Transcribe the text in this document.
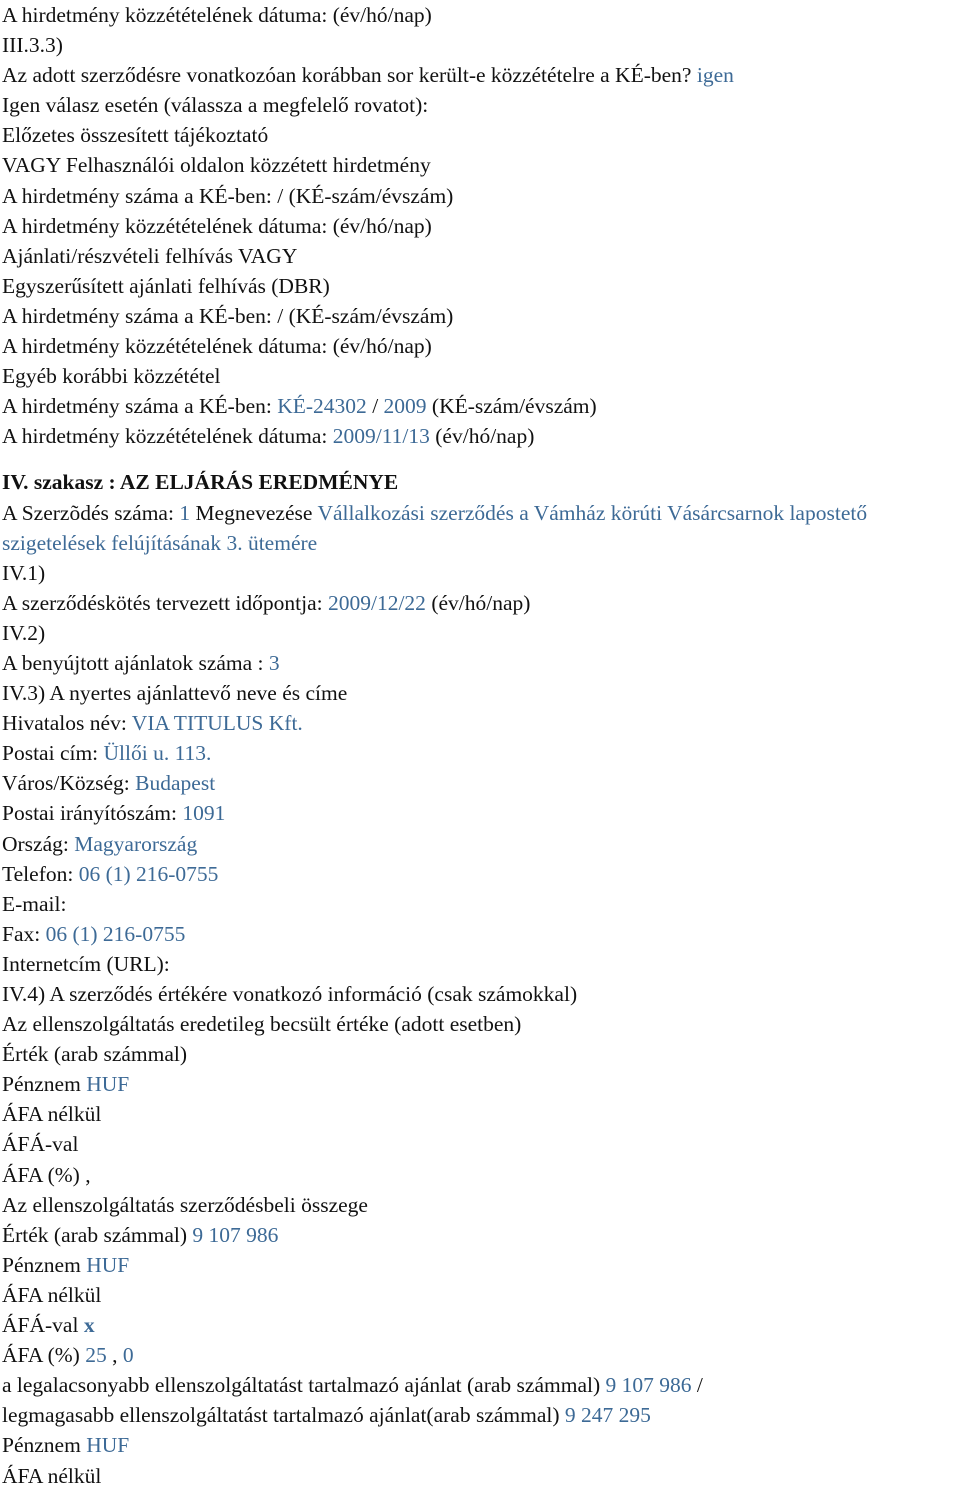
A hirdetmény közzétételének dátuma: (év/hó/nap)
III.3.3)
Az adott szerződésre vonatkozóan korábban sor került-e közzétételre a KÉ-ben? igen
Igen válasz esetén (válassza a megfelelő rovatot):
Előzetes összesített tájékoztató
VAGY Felhasználói oldalon közzétett hirdetmény
A hirdetmény száma a KÉ-ben: / (KÉ-szám/évszám)
A hirdetmény közzétételének dátuma: (év/hó/nap)
Ajánlati/részvételi felhívás VAGY
Egyszerűsített ajánlati felhívás (DBR)
A hirdetmény száma a KÉ-ben: / (KÉ-szám/évszám)
A hirdetmény közzétételének dátuma: (év/hó/nap)
Egyéb korábbi közzététel
A hirdetmény száma a KÉ-ben: KÉ-24302 / 2009 (KÉ-szám/évszám)
A hirdetmény közzétételének dátuma: 2009/11/13 (év/hó/nap)
IV. szakasz : AZ ELJÁRÁS EREDMÉNYE
A Szerzõdés száma: 1 Megnevezése Vállalkozási szerződés a Vámház körúti Vásárcsarnok lapostető szigetelések felújításának 3. ütemére
IV.1)
A szerződéskötés tervezett időpontja: 2009/12/22 (év/hó/nap)
IV.2)
A benyújtott ajánlatok száma : 3
IV.3) A nyertes ajánlattevő neve és címe
Hivatalos név: VIA TITULUS Kft.
Postai cím: Üllői u. 113.
Város/Község: Budapest
Postai irányítószám: 1091
Ország: Magyarország
Telefon: 06 (1) 216-0755
E-mail:
Fax: 06 (1) 216-0755
Internetcím (URL):
IV.4) A szerződés értékére vonatkozó információ (csak számokkal)
Az ellenszolgáltatás eredetileg becsült értéke (adott esetben)
Érték (arab számmal)
Pénznem HUF
ÁFA nélkül
ÁFÁ-val
ÁFA (%) ,
Az ellenszolgáltatás szerződésbeli összege
Érték (arab számmal) 9 107 986
Pénznem HUF
ÁFA nélkül
ÁFÁ-val x
ÁFA (%) 25 , 0
a legalacsonyabb ellenszolgáltatást tartalmazó ajánlat (arab számmal) 9 107 986 /
legmagasabb ellenszolgáltatást tartalmazó ajánlat(arab számmal) 9 247 295
Pénznem HUF
ÁFA nélkül
